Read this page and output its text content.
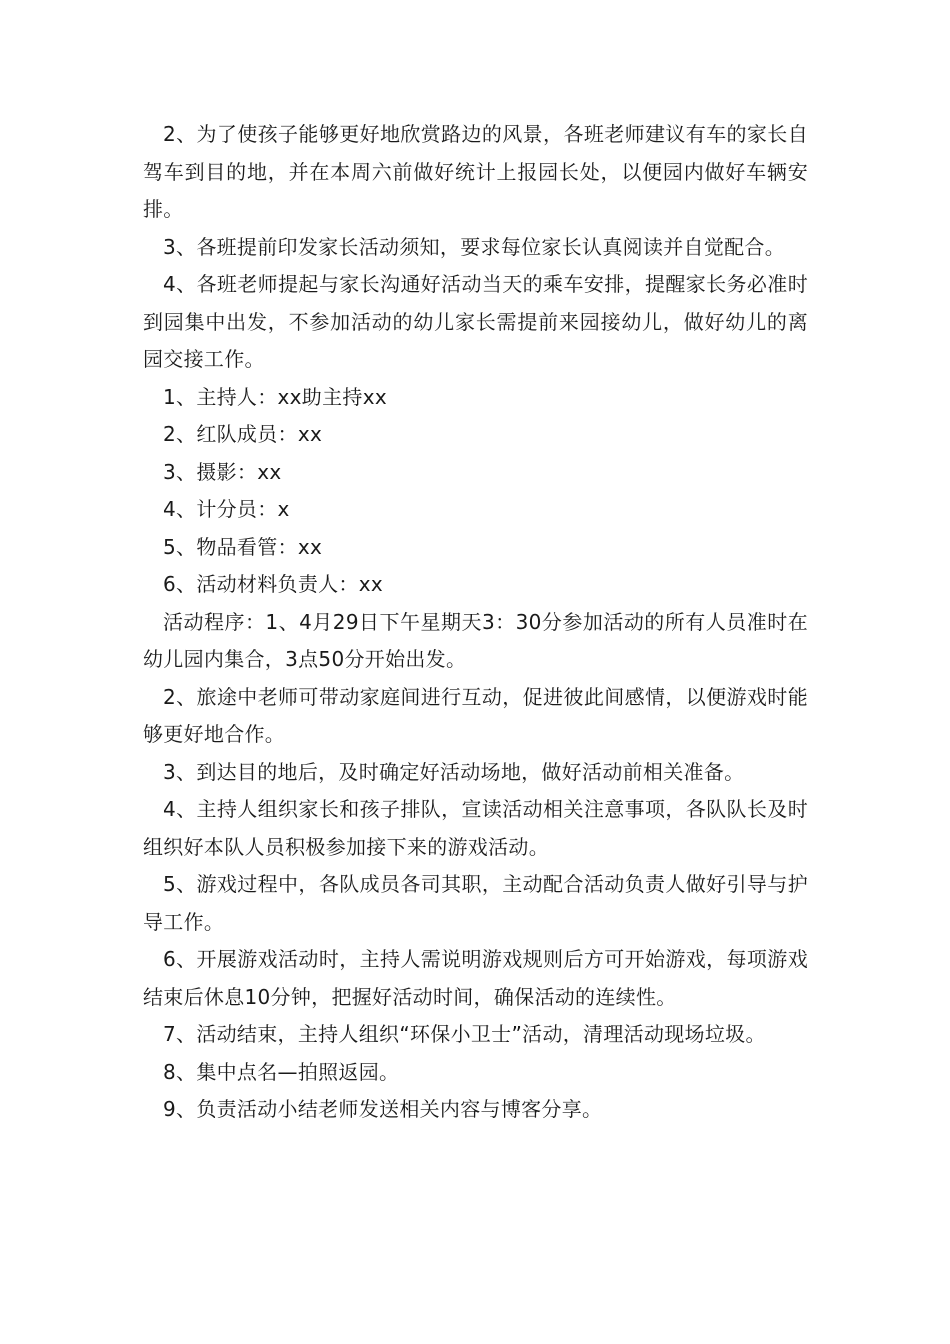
2、为了使孩子能够更好地欣赏路边的风景，各班老师建议有车的家长自驾车到目的地，并在本周六前做好统计上报园长处，以便园内做好车辆安排。

3、各班提前印发家长活动须知，要求每位家长认真阅读并自觉配合。

4、各班老师提起与家长沟通好活动当天的乘车安排，提醒家长务必准时到园集中出发，不参加活动的幼儿家长需提前来园接幼儿，做好幼儿的离园交接工作。

1、主持人：xx助主持xx

2、红队成员：xx

3、摄影：xx

4、计分员：x

5、物品看管：xx

6、活动材料负责人：xx

活动程序：1、4月29日下午星期天3：30分参加活动的所有人员准时在幼儿园内集合，3点50分开始出发。

2、旅途中老师可带动家庭间进行互动，促进彼此间感情，以便游戏时能够更好地合作。

3、到达目的地后，及时确定好活动场地，做好活动前相关准备。

4、主持人组织家长和孩子排队，宣读活动相关注意事项，各队队长及时组织好本队人员积极参加接下来的游戏活动。

5、游戏过程中，各队成员各司其职，主动配合活动负责人做好引导与护导工作。

6、开展游戏活动时，主持人需说明游戏规则后方可开始游戏，每项游戏结束后休息10分钟，把握好活动时间，确保活动的连续性。

7、活动结束，主持人组织“环保小卫士”活动，清理活动现场垃圾。

8、集中点名—拍照返园。

9、负责活动小结老师发送相关内容与博客分享。
